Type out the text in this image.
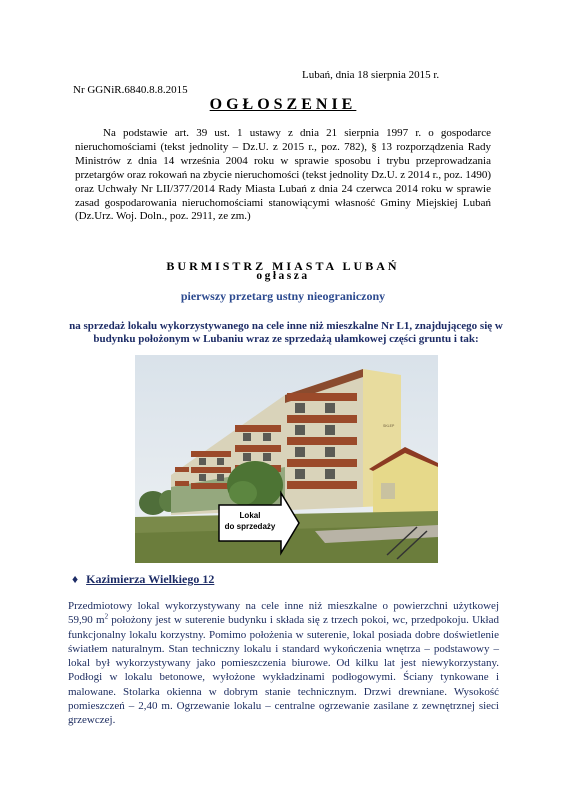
Lubań, dnia 18 sierpnia 2015 r.
Nr GGNiR.6840.8.8.2015
OGŁOSZENIE
Na podstawie art. 39 ust. 1 ustawy z dnia 21 sierpnia 1997 r. o gospodarce nieruchomościami (tekst jednolity – Dz.U. z 2015 r., poz. 782), § 13 rozporządzenia Rady Ministrów z dnia 14 września 2004 roku w sprawie sposobu i trybu przeprowadzania przetargów oraz rokowań na zbycie nieruchomości (tekst jednolity Dz.U. z 2014 r., poz. 1490) oraz Uchwały Nr LII/377/2014 Rady Miasta Lubań z dnia 24 czerwca 2014 roku w sprawie zasad gospodarowania nieruchomościami stanowiącymi własność Gminy Miejskiej Lubań (Dz.Urz. Woj. Doln., poz. 2911, ze zm.)
BURMISTRZ MIASTA LUBAŃ
ogłasza
pierwszy przetarg ustny nieograniczony
na sprzedaż lokalu wykorzystywanego na cele inne niż mieszkalne Nr L1, znajdującego się w budynku położonym w Lubaniu wraz ze sprzedażą ułamkowej części gruntu i tak:
Lokal
do sprzedaży
SKLEP
♦ Kazimierza Wielkiego 12
Przedmiotowy lokal wykorzystywany na cele inne niż mieszkalne o powierzchni użytkowej 59,90 $m^2$ położony jest w suterenie budynku i składa się z trzech pokoi, wc, przedpokoju. Układ funkcjonalny lokalu korzystny. Pomimo położenia w suterenie, lokal posiada dobre doświetlenie światłem naturalnym. Stan techniczny lokalu i standard wykończenia wnętrza – podstawowy – lokal był wykorzystywany jako pomieszczenia biurowe. Od kilku lat jest niewykorzystany. Podłogi w lokalu betonowe, wyłożone wykładzinami podłogowymi. Ściany tynkowane i malowane. Stolarka okienna w dobrym stanie technicznym. Drzwi drewniane. Wysokość pomieszczeń – 2,40 m. Ogrzewanie lokalu – centralne ogrzewanie zasilane z zewnętrznej sieci grzewczej.
